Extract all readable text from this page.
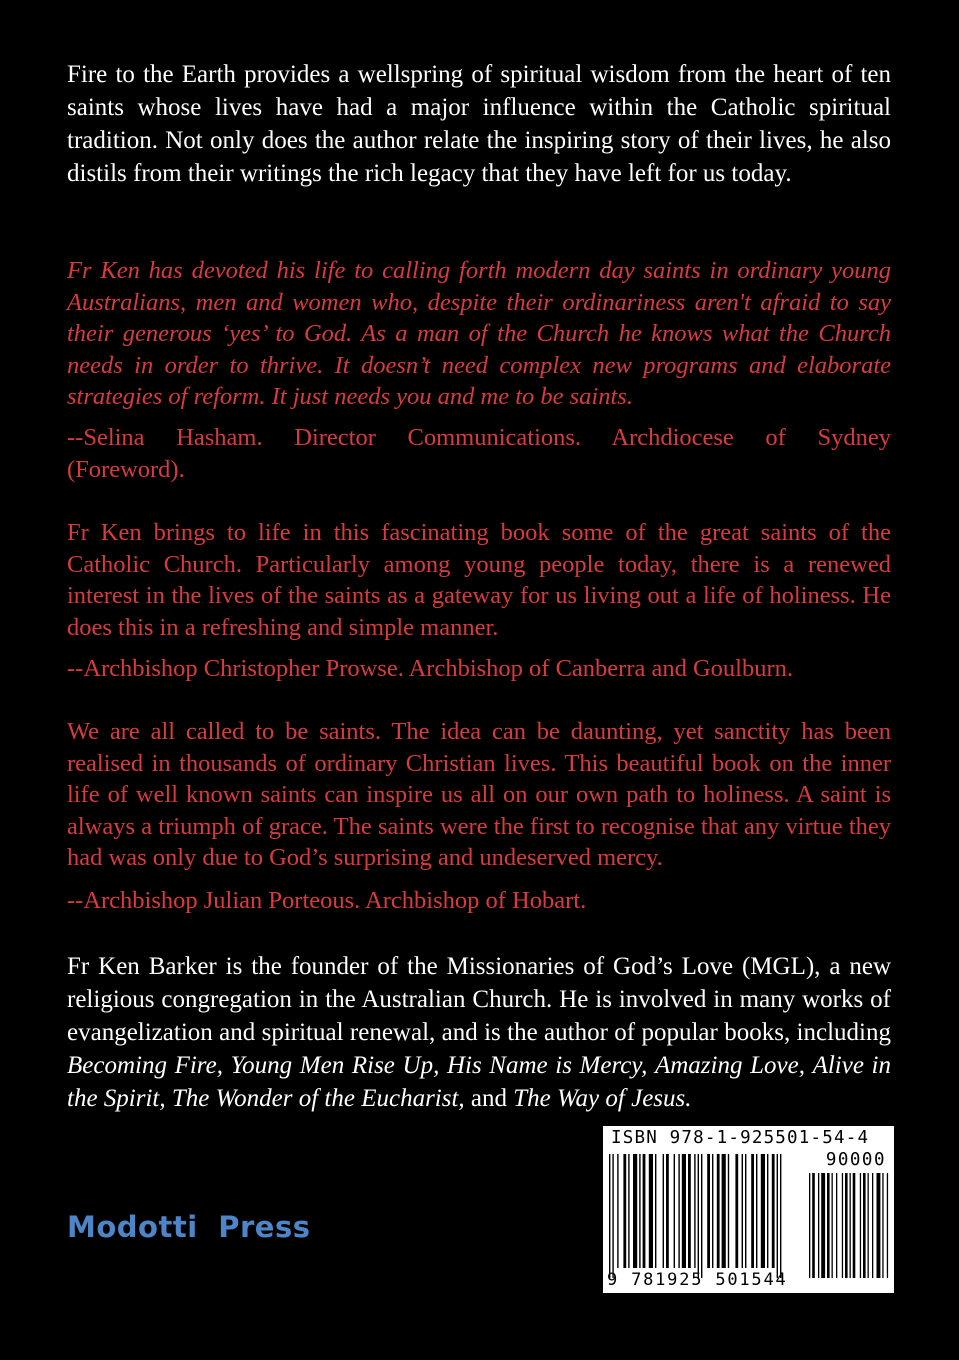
Fire to the Earth provides a wellspring of spiritual wisdom from the heart of ten saints whose lives have had a major influence within the Catholic spiritual tradition. Not only does the author relate the inspiring story of their lives, he also distils from their writings the rich legacy that they have left for us today.

Fr Ken has devoted his life to calling forth modern day saints in ordinary young Australians, men and women who, despite their ordinariness aren't afraid to say their generous ‘yes’ to God. As a man of the Church he knows what the Church needs in order to thrive. It doesn’t need complex new programs and elaborate strategies of reform. It just needs you and me to be saints.

--Selina Hasham. Director Communications. Archdiocese of Sydney (Foreword).

Fr Ken brings to life in this fascinating book some of the great saints of the Catholic Church. Particularly among young people today, there is a renewed interest in the lives of the saints as a gateway for us living out a life of holiness. He does this in a refreshing and simple manner.

--Archbishop Christopher Prowse. Archbishop of Canberra and Goulburn.

We are all called to be saints. The idea can be daunting, yet sanctity has been realised in thousands of ordinary Christian lives. This beautiful book on the inner life of well known saints can inspire us all on our own path to holiness. A saint is always a triumph of grace. The saints were the first to recognise that any virtue they had was only due to God’s surprising and undeserved mercy.

--Archbishop Julian Porteous. Archbishop of Hobart.

Fr Ken Barker is the founder of the Missionaries of God’s Love (MGL), a new religious congregation in the Australian Church. He is involved in many works of evangelization and spiritual renewal, and is the author of popular books, including Becoming Fire, Young Men Rise Up, His Name is Mercy, Amazing Love, Alive in the Spirit, The Wonder of the Eucharist, and The Way of Jesus.

Modotti Press
ISBN 978-1-925501-54-4
90000
9 781925 501544
